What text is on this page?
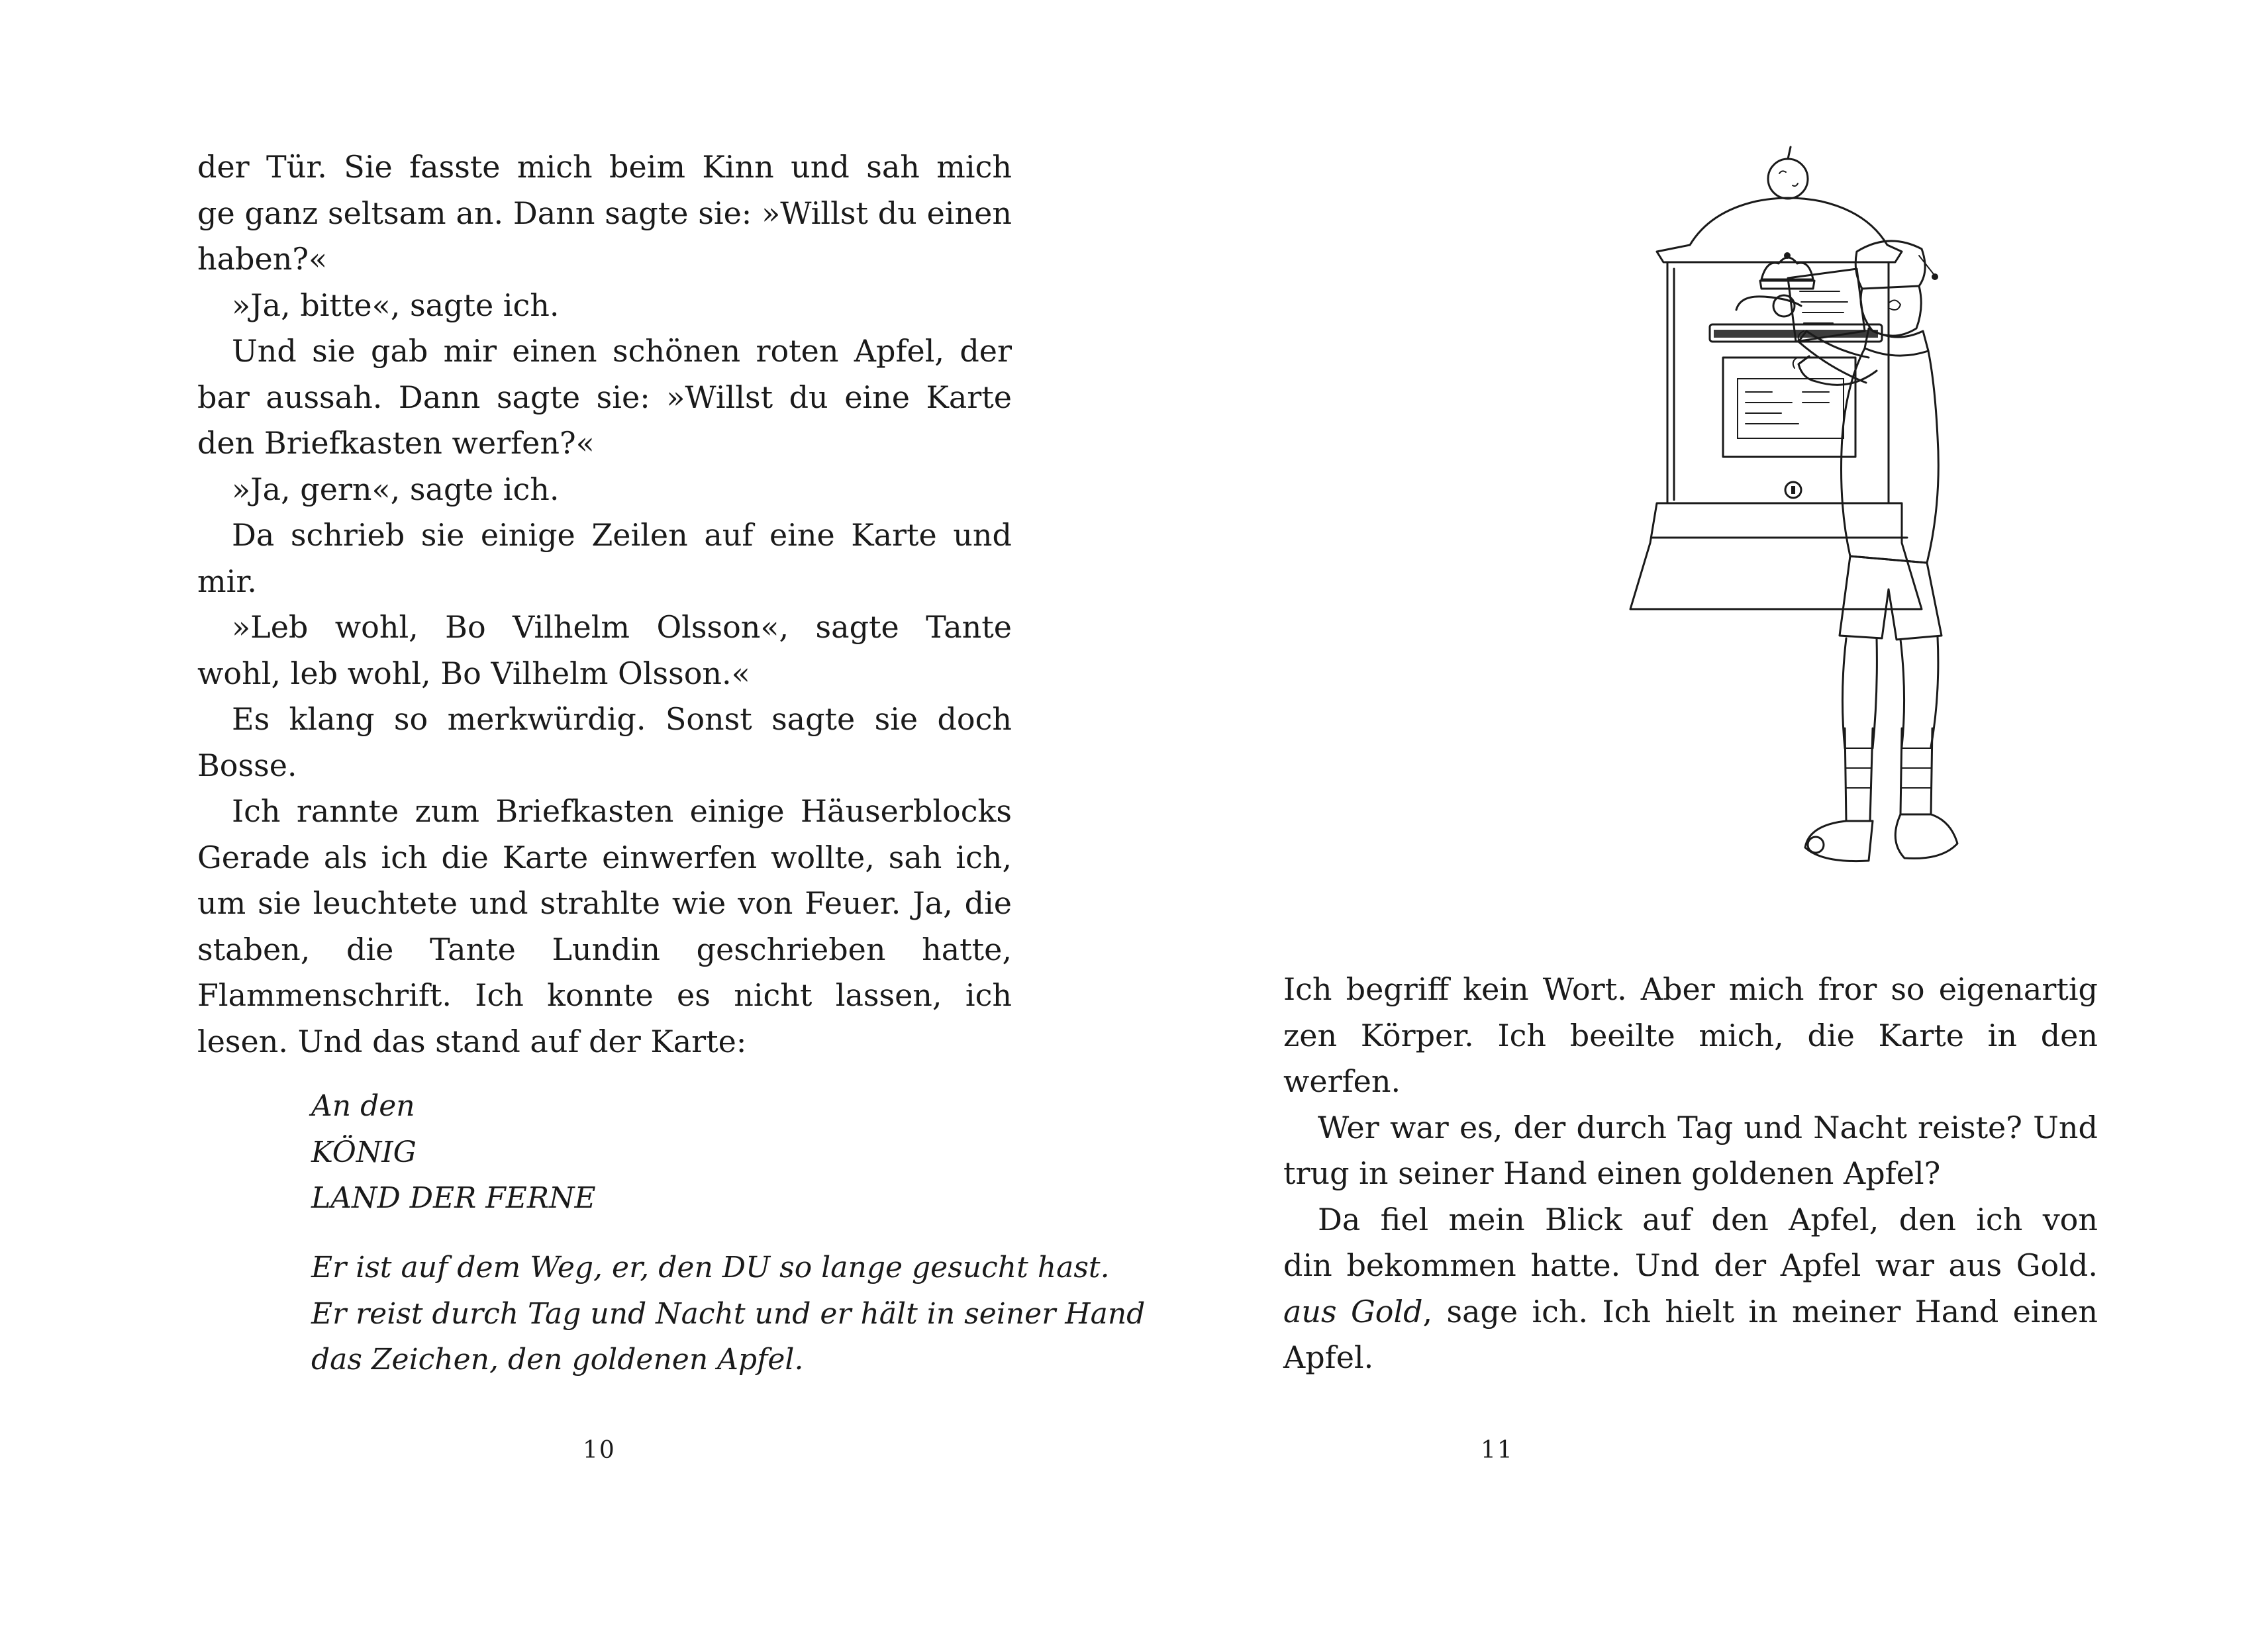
der Tür. Sie fasste mich beim Kinn und sah mich
ge ganz seltsam an. Dann sagte sie: »Willst du einen
haben?«
»Ja, bitte«, sagte ich.
Und sie gab mir einen schönen roten Apfel, der
bar aussah. Dann sagte sie: »Willst du eine Karte
den Briefkasten werfen?«
»Ja, gern«, sagte ich.
Da schrieb sie einige Zeilen auf eine Karte und
mir.
»Leb wohl, Bo Vilhelm Olsson«, sagte Tante
wohl, leb wohl, Bo Vilhelm Olsson.«
Es klang so merkwürdig. Sonst sagte sie doch
Bosse.
Ich rannte zum Briefkasten einige Häuserblocks
Gerade als ich die Karte einwerfen wollte, sah ich,
um sie leuchtete und strahlte wie von Feuer. Ja, die
staben, die Tante Lundin geschrieben hatte,
Flammenschrift. Ich konnte es nicht lassen, ich
lesen. Und das stand auf der Karte:
An den
KÖNIG
LAND DER FERNE
Er ist auf dem Weg, er, den DU so lange gesucht hast.
Er reist durch Tag und Nacht und er hält in seiner Hand
das Zeichen, den goldenen Apfel.
10
Ich begriff kein Wort. Aber mich fror so eigenartig
zen Körper. Ich beeilte mich, die Karte in den
werfen.
Wer war es, der durch Tag und Nacht reiste? Und
trug in seiner Hand einen goldenen Apfel?
Da fiel mein Blick auf den Apfel, den ich von
din bekommen hatte. Und der Apfel war aus Gold.
aus Gold, sage ich. Ich hielt in meiner Hand einen
Apfel.
11
